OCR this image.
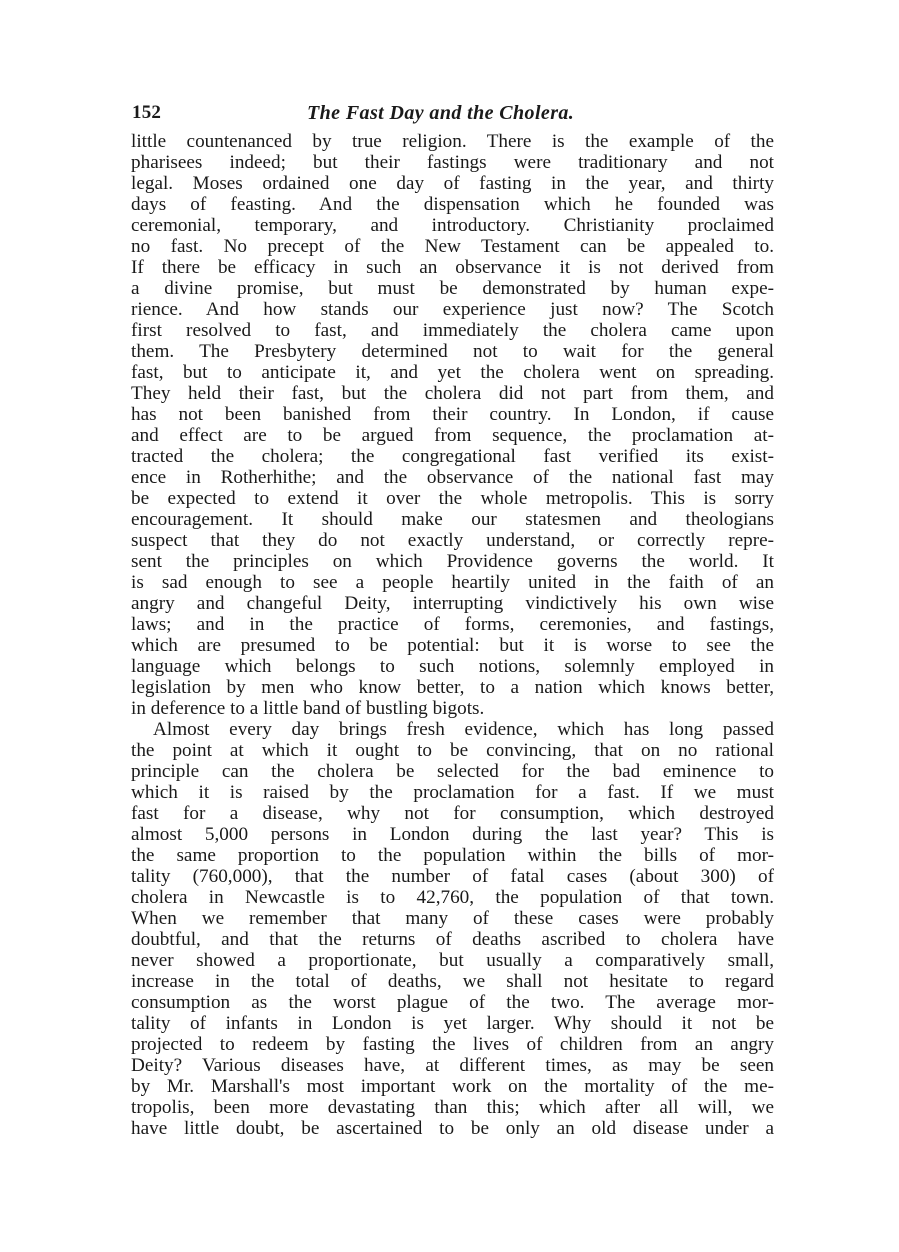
152	The Fast Day and the Cholera.
little countenanced by true religion. There is the example of the
pharisees indeed; but their fastings were traditionary and not
legal. Moses ordained one day of fasting in the year, and thirty
days of feasting. And the dispensation which he founded was
ceremonial, temporary, and introductory. Christianity proclaimed
no fast. No precept of the New Testament can be appealed to.
If there be efficacy in such an observance it is not derived from
a divine promise, but must be demonstrated by human expe-
rience. And how stands our experience just now? The Scotch
first resolved to fast, and immediately the cholera came upon
them. The Presbytery determined not to wait for the general
fast, but to anticipate it, and yet the cholera went on spreading.
They held their fast, but the cholera did not part from them, and
has not been banished from their country. In London, if cause
and effect are to be argued from sequence, the proclamation at-
tracted the cholera; the congregational fast verified its exist-
ence in Rotherhithe; and the observance of the national fast may
be expected to extend it over the whole metropolis. This is sorry
encouragement. It should make our statesmen and theologians
suspect that they do not exactly understand, or correctly repre-
sent the principles on which Providence governs the world. It
is sad enough to see a people heartily united in the faith of an
angry and changeful Deity, interrupting vindictively his own wise
laws; and in the practice of forms, ceremonies, and fastings,
which are presumed to be potential: but it is worse to see the
language which belongs to such notions, solemnly employed in
legislation by men who know better, to a nation which knows better,
in deference to a little band of bustling bigots.
Almost every day brings fresh evidence, which has long passed
the point at which it ought to be convincing, that on no rational
principle can the cholera be selected for the bad eminence to
which it is raised by the proclamation for a fast. If we must
fast for a disease, why not for consumption, which destroyed
almost 5,000 persons in London during the last year? This is
the same proportion to the population within the bills of mor-
tality (760,000), that the number of fatal cases (about 300) of
cholera in Newcastle is to 42,760, the population of that town.
When we remember that many of these cases were probably
doubtful, and that the returns of deaths ascribed to cholera have
never showed a proportionate, but usually a comparatively small,
increase in the total of deaths, we shall not hesitate to regard
consumption as the worst plague of the two. The average mor-
tality of infants in London is yet larger. Why should it not be
projected to redeem by fasting the lives of children from an angry
Deity? Various diseases have, at different times, as may be seen
by Mr. Marshall's most important work on the mortality of the me-
tropolis, been more devastating than this; which after all will, we
have little doubt, be ascertained to be only an old disease under a
